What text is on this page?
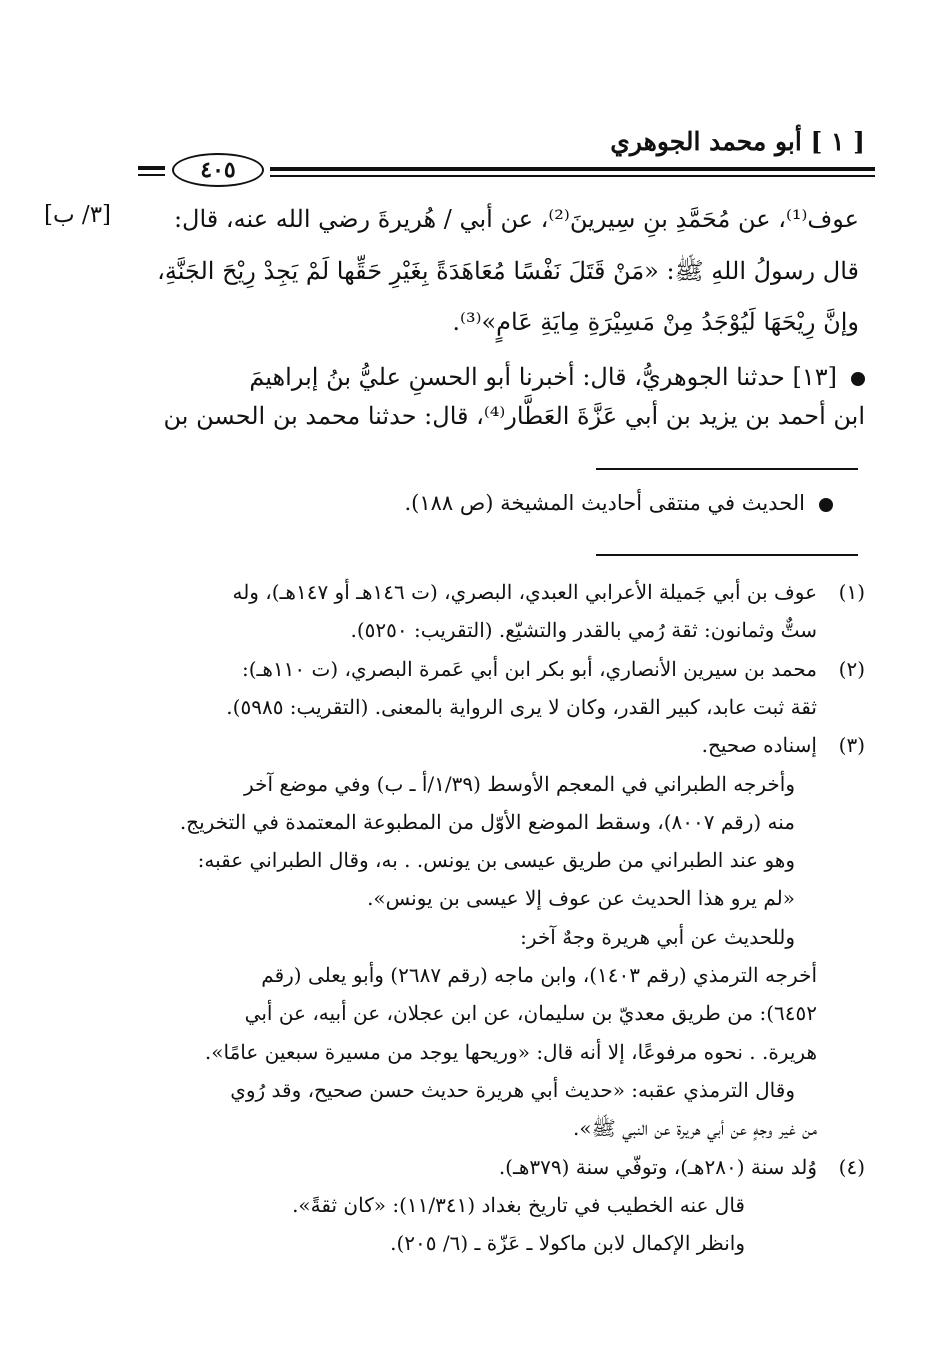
[ ١ ] أبو محمد الجوهري
٤٠٥
[٣/ ب]	عوف⁽¹⁾، عن مُحَمَّدِ بنِ سِيرينَ⁽²⁾، عن أبي / هُريرةَ رضي الله عنه، قال:
قال رسولُ اللهِ ﷺ: «مَنْ قَتَلَ نَفْسًا مُعَاهَدَةً بِغَيْرِ حَقِّها لَمْ يَجِدْ رِيْحَ الجَنَّةِ،
وإنَّ رِيْحَهَا لَيُوْجَدُ مِنْ مَسِيْرَةِ مِايَةِ عَامٍ»⁽³⁾.
[١٣] حدثنا الجوهريُّ، قال: أخبرنا أبو الحسنِ عليُّ بنُ إبراهيمَ
ابن أحمد بن يزيد بن أبي عَزَّةَ العَطَّار⁽⁴⁾، قال: حدثنا محمد بن الحسن بن
الحديث في منتقى أحاديث المشيخة (ص ١٨٨).
(١)عوف بن أبي جَميلة الأعرابي العبدي، البصري، (ت ١٤٦هـ أو ١٤٧هـ)، وله
ستٌّ وثمانون: ثقة رُمي بالقدر والتشيّع. (التقريب: ٥٢٥٠).
(٢)محمد بن سيرين الأنصاري، أبو بكر ابن أبي عَمرة البصري، (ت ١١٠هـ):
ثقة ثبت عابد، كبير القدر، وكان لا يرى الرواية بالمعنى. (التقريب: ٥٩٨٥).
(٣)إسناده صحيح.
وأخرجه الطبراني في المعجم الأوسط (١/٣٩/أ ـ ب) وفي موضع آخر
منه (رقم ٨٠٠٧)، وسقط الموضع الأوّل من المطبوعة المعتمدة في التخريج.
وهو عند الطبراني من طريق عيسى بن يونس. . به، وقال الطبراني عقبه:
«لم يرو هذا الحديث عن عوف إلا عيسى بن يونس».
وللحديث عن أبي هريرة وجهٌ آخر:
أخرجه الترمذي (رقم ١٤٠٣)، وابن ماجه (رقم ٢٦٨٧) وأبو يعلى (رقم
٦٤٥٢): من طريق معديّ بن سليمان، عن ابن عجلان، عن أبيه، عن أبي
هريرة. . نحوه مرفوعًا، إلا أنه قال: «وريحها يوجد من مسيرة سبعين عامًا».
وقال الترمذي عقبه: «حديث أبي هريرة حديث حسن صحيح، وقد رُوي
من غير وجهٍ عن أبي هريرة عن النبي ﷺ».
(٤)وُلد سنة (٢٨٠هـ)، وتوفّي سنة (٣٧٩هـ).
قال عنه الخطيب في تاريخ بغداد (١١/٣٤١): «كان ثقةً».
وانظر الإكمال لابن ماكولا ـ عَزّة ـ (٦/ ٢٠٥).
